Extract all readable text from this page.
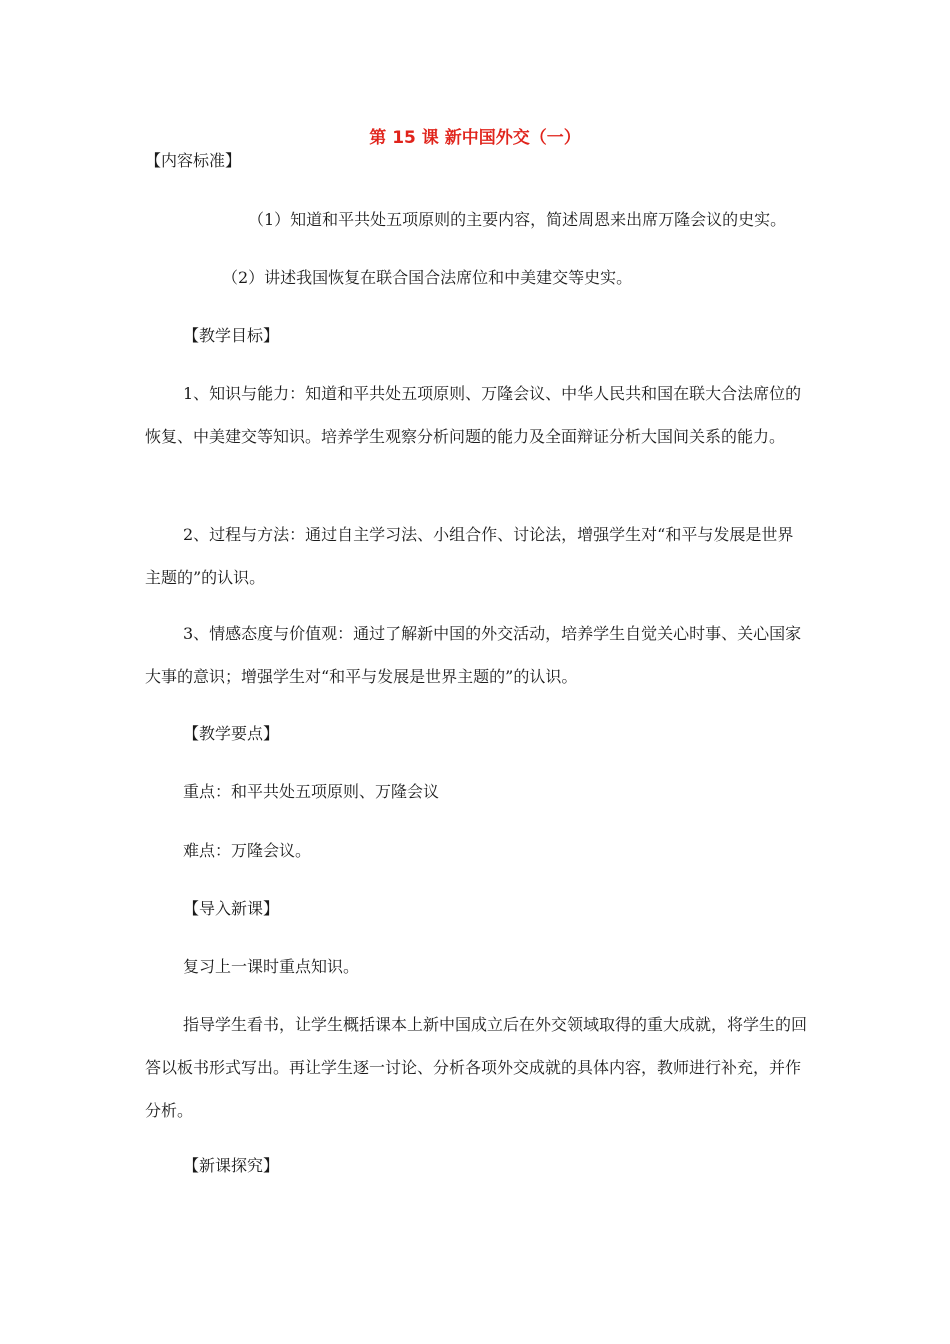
第 15 课 新中国外交（一）
【内容标准】
（1）知道和平共处五项原则的主要内容，简述周恩来出席万隆会议的史实。
（2）讲述我国恢复在联合国合法席位和中美建交等史实。
【教学目标】
1、知识与能力：知道和平共处五项原则、万隆会议、中华人民共和国在联大合法席位的恢复、中美建交等知识。培养学生观察分析问题的能力及全面辩证分析大国间关系的能力。
2、过程与方法：通过自主学习法、小组合作、讨论法，增强学生对“和平与发展是世界主题的”的认识。
3、情感态度与价值观：通过了解新中国的外交活动，培养学生自觉关心时事、关心国家大事的意识；增强学生对“和平与发展是世界主题的”的认识。
【教学要点】
重点：和平共处五项原则、万隆会议
难点：万隆会议。
【导入新课】
复习上一课时重点知识。
指导学生看书，让学生概括课本上新中国成立后在外交领域取得的重大成就，将学生的回答以板书形式写出。再让学生逐一讨论、分析各项外交成就的具体内容，教师进行补充，并作分析。
【新课探究】
